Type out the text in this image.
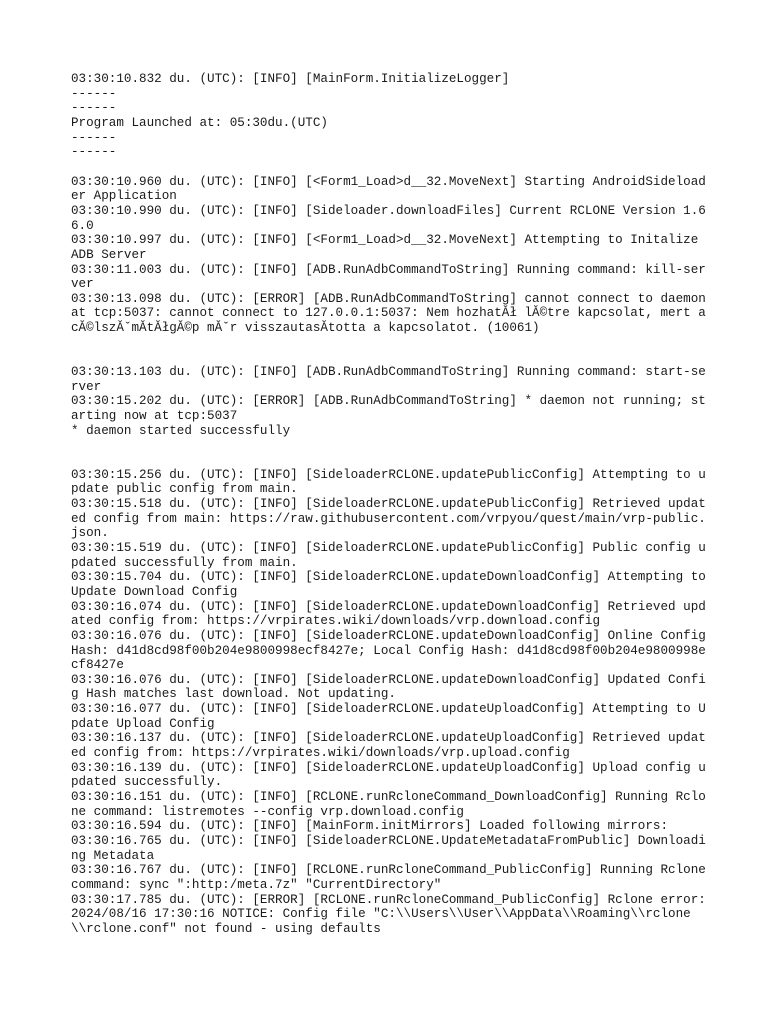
03:30:10.832 du. (UTC): [INFO] [MainForm.InitializeLogger]
------
------
Program Launched at: 05:30du.(UTC)
------
------
03:30:10.960 du. (UTC): [INFO] [<Form1_Load>d__32.MoveNext] Starting AndroidSideloader Application
03:30:10.990 du. (UTC): [INFO] [Sideloader.downloadFiles] Current RCLONE Version 1.66.0
03:30:10.997 du. (UTC): [INFO] [<Form1_Load>d__32.MoveNext] Attempting to Initalize ADB Server
03:30:11.003 du. (UTC): [INFO] [ADB.RunAdbCommandToString] Running command: kill-server
03:30:13.098 du. (UTC): [ERROR] [ADB.RunAdbCommandToString] cannot connect to daemon at tcp:5037: cannot connect to 127.0.0.1:5037: Nem hozhatĂł lĂ©tre kapcsolat, mert a cĂ©lszĂˇmĂtĂłgĂ©p mĂˇr visszautasĂtotta a kapcsolatot. (10061)
03:30:13.103 du. (UTC): [INFO] [ADB.RunAdbCommandToString] Running command: start-server
03:30:15.202 du. (UTC): [ERROR] [ADB.RunAdbCommandToString] * daemon not running; starting now at tcp:5037
* daemon started successfully
03:30:15.256 du. (UTC): [INFO] [SideloaderRCLONE.updatePublicConfig] Attempting to update public config from main.
03:30:15.518 du. (UTC): [INFO] [SideloaderRCLONE.updatePublicConfig] Retrieved updated config from main: https://raw.githubusercontent.com/vrpyou/quest/main/vrp-public.json.
03:30:15.519 du. (UTC): [INFO] [SideloaderRCLONE.updatePublicConfig] Public config updated successfully from main.
03:30:15.704 du. (UTC): [INFO] [SideloaderRCLONE.updateDownloadConfig] Attempting to Update Download Config
03:30:16.074 du. (UTC): [INFO] [SideloaderRCLONE.updateDownloadConfig] Retrieved updated config from: https://vrpirates.wiki/downloads/vrp.download.config
03:30:16.076 du. (UTC): [INFO] [SideloaderRCLONE.updateDownloadConfig] Online Config Hash: d41d8cd98f00b204e9800998ecf8427e; Local Config Hash: d41d8cd98f00b204e9800998ecf8427e
03:30:16.076 du. (UTC): [INFO] [SideloaderRCLONE.updateDownloadConfig] Updated Config Hash matches last download. Not updating.
03:30:16.077 du. (UTC): [INFO] [SideloaderRCLONE.updateUploadConfig] Attempting to Update Upload Config
03:30:16.137 du. (UTC): [INFO] [SideloaderRCLONE.updateUploadConfig] Retrieved updated config from: https://vrpirates.wiki/downloads/vrp.upload.config
03:30:16.139 du. (UTC): [INFO] [SideloaderRCLONE.updateUploadConfig] Upload config updated successfully.
03:30:16.151 du. (UTC): [INFO] [RCLONE.runRcloneCommand_DownloadConfig] Running Rclone command: listremotes --config vrp.download.config
03:30:16.594 du. (UTC): [INFO] [MainForm.initMirrors] Loaded following mirrors:
03:30:16.765 du. (UTC): [INFO] [SideloaderRCLONE.UpdateMetadataFromPublic] Downloading Metadata
03:30:16.767 du. (UTC): [INFO] [RCLONE.runRcloneCommand_PublicConfig] Running Rclone command: sync ":http:/meta.7z" "CurrentDirectory"
03:30:17.785 du. (UTC): [ERROR] [RCLONE.runRcloneCommand_PublicConfig] Rclone error: 2024/08/16 17:30:16 NOTICE: Config file "C:\\Users\\User\\AppData\\Roaming\\rclone\\rclone.conf" not found - using defaults
